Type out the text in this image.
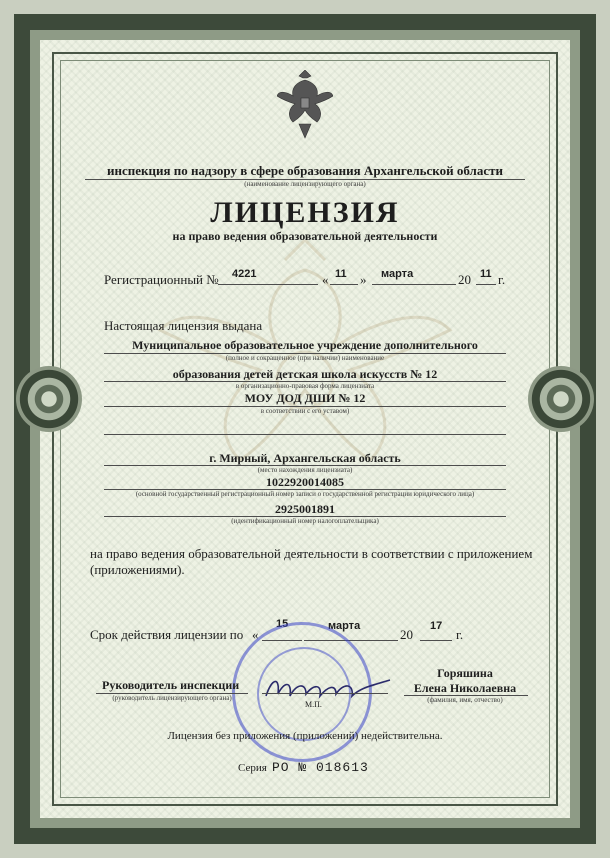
инспекция по надзору в сфере образования Архангельской области
(наименование лицензирующего органа)
ЛИЦЕНЗИЯ
на право ведения образовательной деятельности
Регистрационный № 4221	« 11 » марта	20 11 г.
Настоящая лицензия выдана
Муниципальное образовательное учреждение дополнительного
(полное и сокращенное (при наличии) наименование
образования детей детская школа искусств № 12
в организационно-правовая форма лицензиата
МОУ ДОД ДШИ № 12
в соответствии с его уставом)
г. Мирный, Архангельская область
(место нахождения лицензиата)
1022920014085
(основной государственный регистрационный номер записи о государственной регистрации юридического лица)
2925001891
(идентификационный номер налогоплательщика)
на право ведения образовательной деятельности в соответствии с приложением
(приложениями).
Срок действия лицензии по «
15	марта
20
17
г.
Руководитель инспекции
(руководитель лицензирующего органа)
М.П.
Горяшина
Елена Николаевна
(фамилия, имя, отчество)
Лицензия без приложения (приложений) недействительна.
Серия РО № 018613
